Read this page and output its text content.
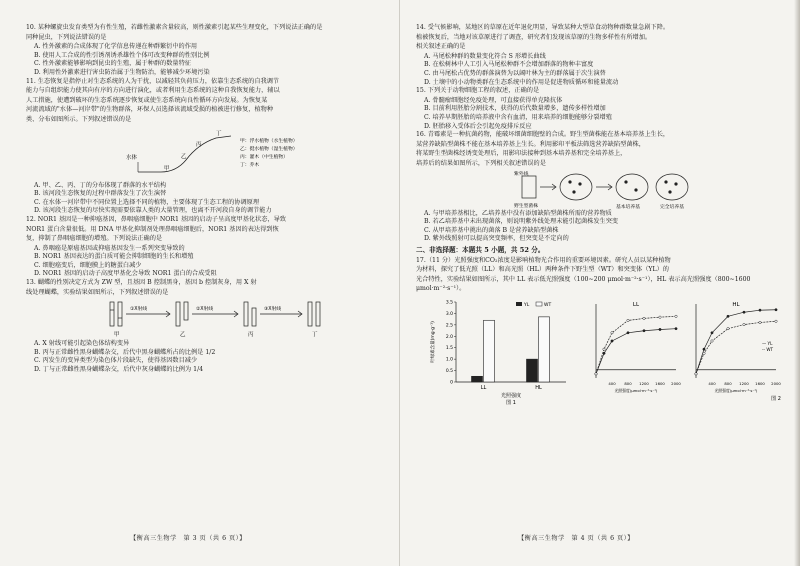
10. 某种螺旋虫发育类型为有性生殖，若雌性激素含量较高，则性激素引起某些生理变化，下列说法正确的是

同种昆虫，下列说法错误的是

A. 性外激素的合成体现了化学信息传递在种群繁衍中的作用

B. 使用人工合成的性引诱剂诱杀雄性个体可改变种群的性别比例

C. 性外激素能够影响到昆虫的生殖，属于种群的数量特征

D. 利用性外激素进行害虫防治属于生物防治，能够减少环境污染

11. 生态恢复是指停止对生态系统的人为干扰，以减轻其负荷压力，依靠生态系统的自我调节

能力与自组织能力使其向有序的方向进行演化，或者利用生态系统的这种自我恢复能力，辅以

人工措施，使遭到破坏的生态系统逐步恢复或使生态系统向良性循环方向发展。为恢复某

河流流域的"水体—河岸带"的生物群落，环保人员选择该流域受损的植被进行修复，植物种

类、分布如图所示。下列叙述错误的是

水体
甲
乙
丙
丁
甲：浮水植物（水生植物）
乙：挺水植物（湿生植物）
丙：灌木（中生植物）
丁：乔木

A. 甲、乙、丙、丁的分布体现了群落的水平结构

B. 该河段生态恢复的过程中群落发生了次生演替

C. 在水体一河岸带中不同位置上选择不同的植物，主要体现了生态工程的协调原理

D. 该河段生态恢复的尽快实现需要依靠人类的大量管理，也离不开河段自身的调节能力

12. NOR1 基因是一种抑癌基因，鼻咽癌细胞中 NOR1 基因的启动子呈高度甲基化状态，导致

NOR1 蛋白含量很低。用 DNA 甲基化抑制剂处理鼻咽癌细胞后，NOR1 基因的表达得到恢

复，抑制了鼻咽癌细胞的增殖。下列说法正确的是

A. 鼻咽癌是原癌基因或抑癌基因发生一系列突变导致的

B. NOR1 基因表达的蛋白质可能会抑制细胞的生长和增殖

C. 细胞癌变后，细胞膜上的糖蛋白减少

D. NOR1 基因的启动子高度甲基化会导致 NOR1 蛋白的合成受阻

13. 蝴蝶的性别决定方式为 ZW 型，且基因 B 控制黑身，基因 b 控制灰身，用 X 射

线处理蝴蝶，实验结果如图所示，下列叙述错误的是

①X射线	②X射线	③X射线
甲	乙	丙	丁

A. X 射线可能引起染色体结构变异

B. 丙与正常雌性黑身蝴蝶杂交，后代中黑身蝴蝶所占的比例是 1/2

C. 丙发生的变异类型为染色体片段缺失，使得基因数目减少

D. 丁与正常雌性黑身蝴蝶杂交，后代中灰身蝴蝶的比例为 1/4

【衡高三生物学　第 3 页（共 6 页）】

14. 受气候影响，某地区的草原在近年退化明显，导致某种大型草食动物种群数量急剧下降。

植被恢复后，当地对该草原进行了调查，研究者们发现该草原的生物多样性有所增加。

相关叙述正确的是

A. 马尾松种群的数量变化符合 S 形增长曲线

B. 在松树林中人工引入马尾松种群不会增加群落的物种丰富度

C. 由马尾松占优势的群落演替为以阔叶林为主的群落属于次生演替

D. 土壤中的小动物类群在生态系统中的作用是促进物质循环和能量流动

15. 下列关于动物细胞工程的叙述，正确的是

A. 骨髓瘤细胞经免疫处理，可直接获得单克隆抗体

B. 目前利用胚胎分割技术，获得的后代数量增多，遗传多样性增加

C. 培养早期胚胎的培养液中含有血清，用来培养的细胞能够分裂增殖

D. 胚胎移入受体后会引起免疫排斥反应

16. 青霉素是一种抗菌药物，能破坏细菌细胞壁的合成。野生型菌株能在基本培养基上生长，

某营养缺陷型菌株不能在基本培养基上生长。利用影印平板法筛选营养缺陷型菌株，

将某野生型菌株经诱变处理后，用影印法接种到基本培养基和完全培养基上，

培养后的结果如图所示，下列相关叙述错误的是

紫外线
野生型菌株	基本培养基	完全培养基

A. 与甲培养基相比，乙培养基中没有添加缺陷型菌株所需的营养物质

B. 若乙培养基中未出现菌落，则说明紫外线处理未能引起菌株发生突变

C. 从甲培养基中挑出的菌落 B 是营养缺陷型菌株

D. 紫外线照射可以提高突变频率，但突变是不定向的

二、非选择题：本题共 5 小题，共 52 分。

17.（11 分）光照强度和CO₂浓度是影响植物光合作用的重要环境因素。研究人员以某种植物

为材料，探究了低光照（LL）和高光照（HL）两种条件下野生型（WT）和突变体（YL）的

光合特性，实验结果如图所示，其中 LL 表示低光照强度（100~200 μmol·m⁻²·s⁻¹），HL 表示高光照强度（800~1600 μmol·m⁻²·s⁻¹）。

0
0.5
1.0
1.5
2.0
2.5
3.0
3.5
叶绿素含量(mg·g⁻¹)
LL	HL
光照强度
YL	WT
图 1
LL
400 800 1200 1600 2000
光照强度(μmol·m⁻²·s⁻¹)
HL
400 800 1200 1600 2000
光照强度(μmol·m⁻²·s⁻¹)
— YL
-- WT
图 2
【衡高三生物学　第 4 页（共 6 页）】
